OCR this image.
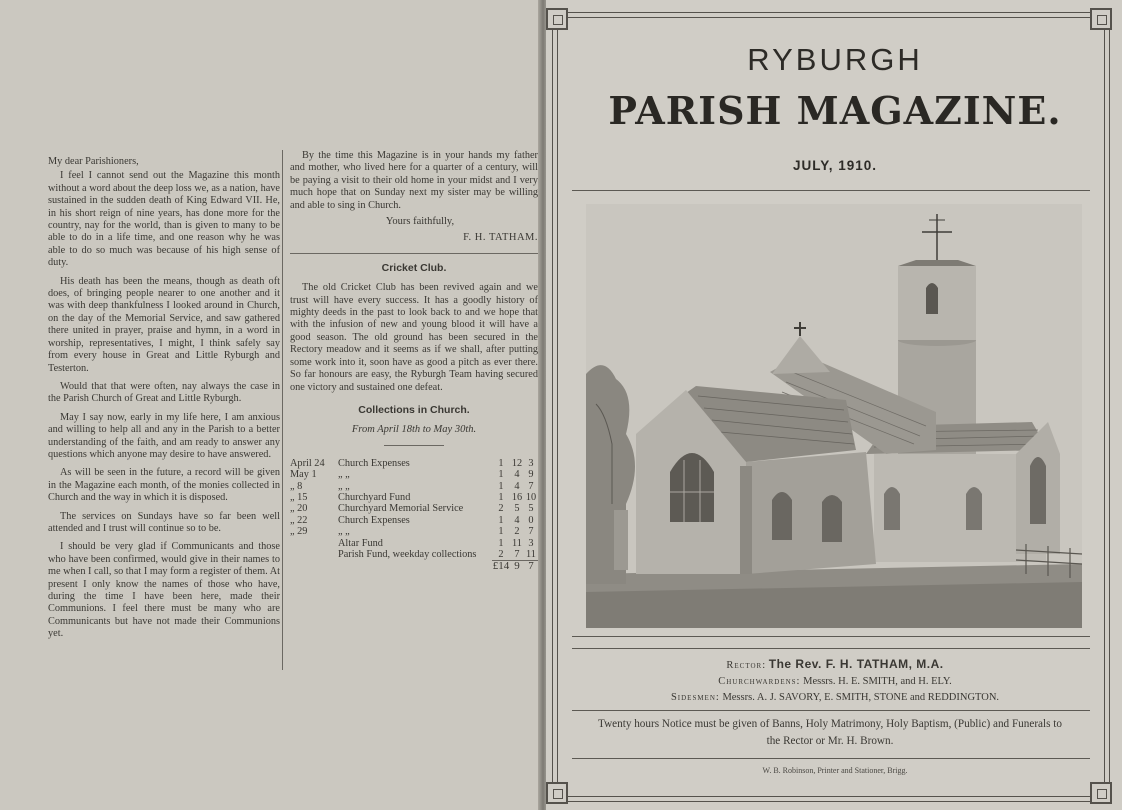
My dear Parishioners,

I feel I cannot send out the Magazine this month without a word about the deep loss we, as a nation, have sustained in the sudden death of King Edward VII. He, in his short reign of nine years, has done more for the country, nay for the world, than is given to many to be able to do in a life time, and one reason why he was able to do so much was because of his high sense of duty.

His death has been the means, though as death oft does, of bringing people nearer to one another and it was with deep thankfulness I looked around in Church, on the day of the Memorial Service, and saw gathered there united in prayer, praise and hymn, in a word in worship, representatives, I might, I think safely say from every house in Great and Little Ryburgh and Testerton.

Would that that were often, nay always the case in the Parish Church of Great and Little Ryburgh.

May I say now, early in my life here, I am anxious and willing to help all and any in the Parish to a better understanding of the faith, and am ready to answer any questions which anyone may desire to have answered.

As will be seen in the future, a record will be given in the Magazine each month, of the monies collected in Church and the way in which it is disposed.

The services on Sundays have so far been well attended and I trust will continue so to be.

I should be very glad if Communicants and those who have been confirmed, would give in their names to me when I call, so that I may form a register of them. At present I only know the names of those who have, during the time I have been here, made their Communions. I feel there must be many who are Communicants but have not made their Communions yet.

By the time this Magazine is in your hands my father and mother, who lived here for a quarter of a century, will be paying a visit to their old home in your midst and I very much hope that on Sunday next my sister may be willing and able to sing in Church.

Yours faithfully,

F. H. TATHAM.

Cricket Club.

The old Cricket Club has been revived again and we trust will have every success. It has a goodly history of mighty deeds in the past to look back to and we hope that with the infusion of new and young blood it will have a good season. The old ground has been secured in the Rectory meadow and it seems as if we shall, after putting some work into it, soon have as good a pitch as ever there. So far honours are easy, the Ryburgh Team having secured one victory and sustained one defeat.

Collections in Church.
From April 18th to May 30th.
April 24	Church Expenses	1	12	3
May 1	„ „	1	4	9
„ 8	„ „	1	4	7
„ 15	Churchyard Fund	1	16	10
„ 20	Churchyard Memorial Service	2	5	5
„ 22	Church Expenses	1	4	0
„ 29	„ „	1	2	7
	Altar Fund	1	11	3
	Parish Fund, weekday collections	2	7	11
		£14	9	7
RYBURGH
PARISH MAGAZINE.
JULY, 1910.
Rector: The Rev. F. H. TATHAM, M.A.
Churchwardens: Messrs. H. E. SMITH, and H. ELY.
Sidesmen: Messrs. A. J. SAVORY, E. SMITH, STONE and REDDINGTON.
Twenty hours Notice must be given of Banns, Holy Matrimony, Holy Baptism, (Public) and Funerals to the Rector or Mr. H. Brown.
W. B. Robinson, Printer and Stationer, Brigg.
